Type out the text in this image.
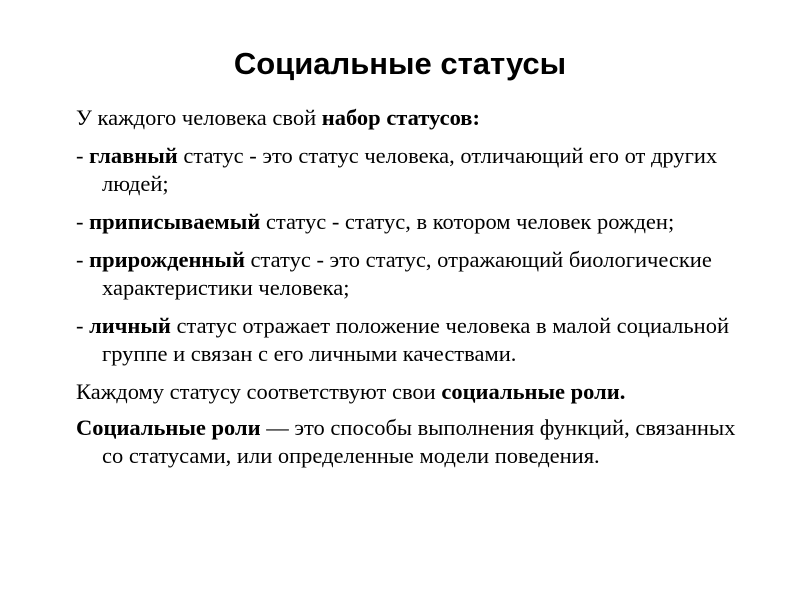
Социальные статусы

У каждого человека свой набор статусов:

- главный статус - это статус человека, отличающий его от других людей;

- приписываемый статус - статус, в котором человек рожден;

- прирожденный статус - это статус, отражающий биологические характеристики человека;

- личный статус отражает положение человека в малой социальной группе и связан с его личными качествами.

Каждому статусу соответствуют свои социальные роли.

Социальные роли — это способы выполнения функций, связанных со статусами, или определенные модели поведения.
